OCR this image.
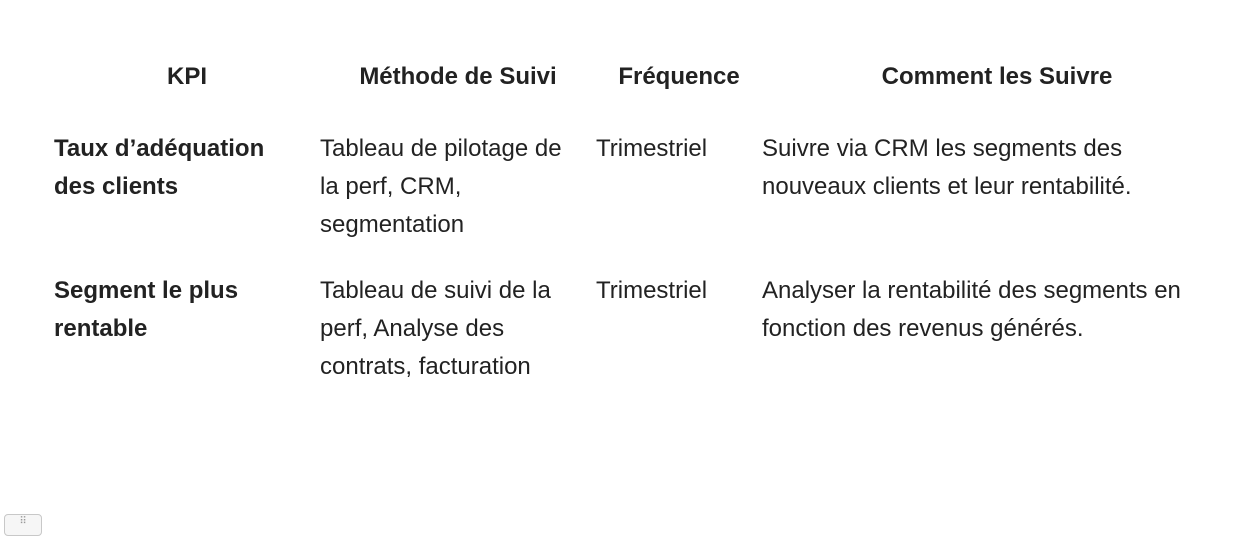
KPI	Méthode de Suivi	Fréquence	Comment les Suivre
Taux d’adéquation des clients	Tableau de pilotage de la perf, CRM, segmentation	Trimestriel	Suivre via CRM les segments des nouveaux clients et leur rentabilité.
Segment le plus rentable	Tableau de suivi de la perf, Analyse des contrats, facturation	Trimestriel	Analyser la rentabilité des segments en fonction des revenus générés.
⠿
